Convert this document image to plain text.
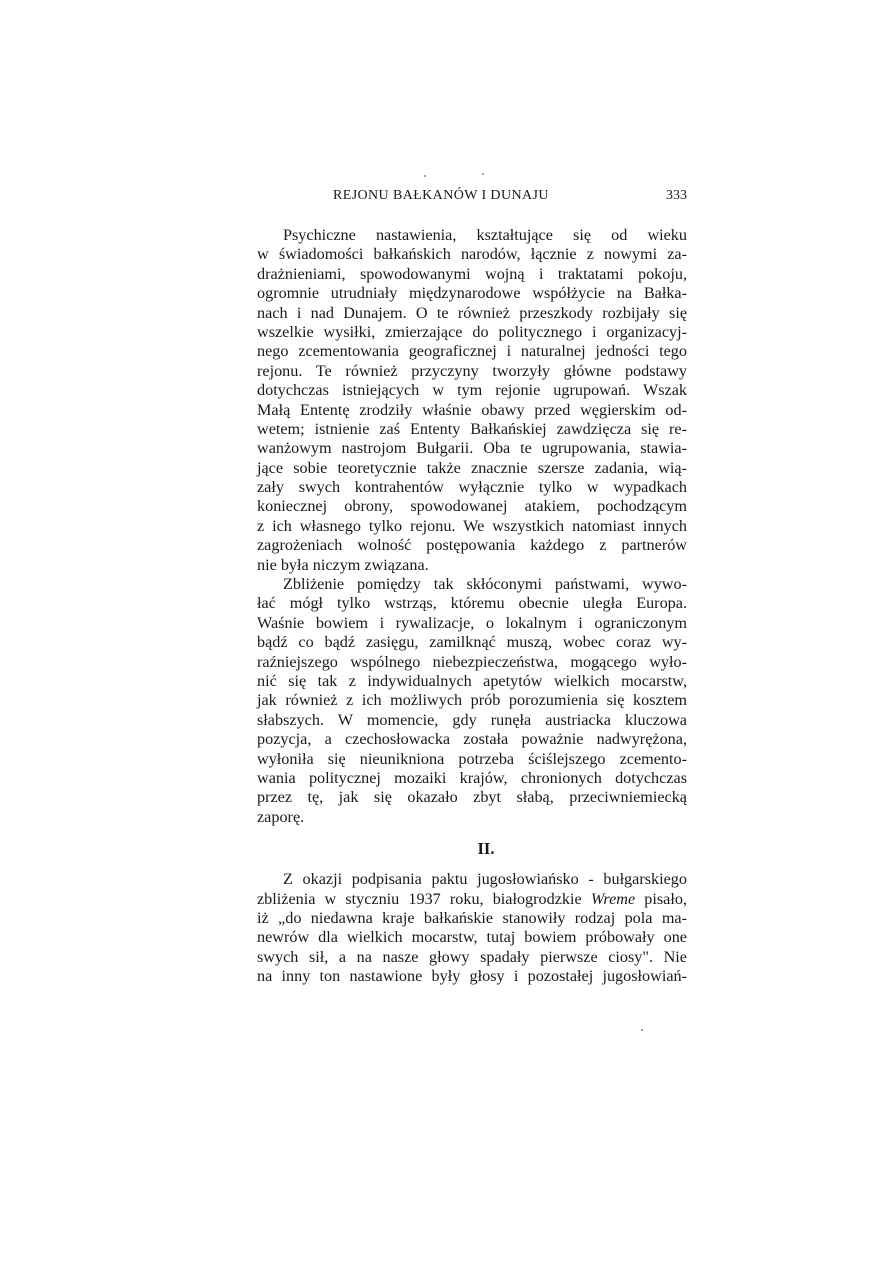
REJONU BAŁKANÓW I DUNAJU	333
Psychiczne nastawienia, kształtujące się od wieku
w świadomości bałkańskich narodów, łącznie z nowymi za-
drażnieniami, spowodowanymi wojną i traktatami pokoju,
ogromnie utrudniały międzynarodowe współżycie na Bałka-
nach i nad Dunajem. O te również przeszkody rozbijały się
wszelkie wysiłki, zmierzające do politycznego i organizacyj-
nego zcementowania geograficznej i naturalnej jedności tego
rejonu. Te również przyczyny tworzyły główne podstawy
dotychczas istniejących w tym rejonie ugrupowań. Wszak
Małą Ententę zrodziły właśnie obawy przed węgierskim od-
wetem; istnienie zaś Ententy Bałkańskiej zawdzięcza się re-
wanżowym nastrojom Bułgarii. Oba te ugrupowania, stawia-
jące sobie teoretycznie także znacznie szersze zadania, wią-
zały swych kontrahentów wyłącznie tylko w wypadkach
koniecznej obrony, spowodowanej atakiem, pochodzącym
z ich własnego tylko rejonu. We wszystkich natomiast innych
zagrożeniach wolność postępowania każdego z partnerów
nie była niczym związana.
Zbliżenie pomiędzy tak skłóconymi państwami, wywo-
łać mógł tylko wstrząs, któremu obecnie uległa Europa.
Waśnie bowiem i rywalizacje, o lokalnym i ograniczonym
bądź co bądź zasięgu, zamilknąć muszą, wobec coraz wy-
raźniejszego wspólnego niebezpieczeństwa, mogącego wyło-
nić się tak z indywidualnych apetytów wielkich mocarstw,
jak również z ich możliwych prób porozumienia się kosztem
słabszych. W momencie, gdy runęła austriacka kluczowa
pozycja, a czechosłowacka została poważnie nadwyrężona,
wyłoniła się nieunikniona potrzeba ściślejszego zcemento-
wania politycznej mozaiki krajów, chronionych dotychczas
przez tę, jak się okazało zbyt słabą, przeciwniemiecką
zaporę.
II.
Z okazji podpisania paktu jugosłowiańsko - bułgarskiego
zbliżenia w styczniu 1937 roku, białogrodzkie Wreme pisało,
iż „do niedawna kraje bałkańskie stanowiły rodzaj pola ma-
newrów dla wielkich mocarstw, tutaj bowiem próbowały one
swych sił, a na nasze głowy spadały pierwsze ciosy". Nie
na inny ton nastawione były głosy i pozostałej jugosłowiań-
